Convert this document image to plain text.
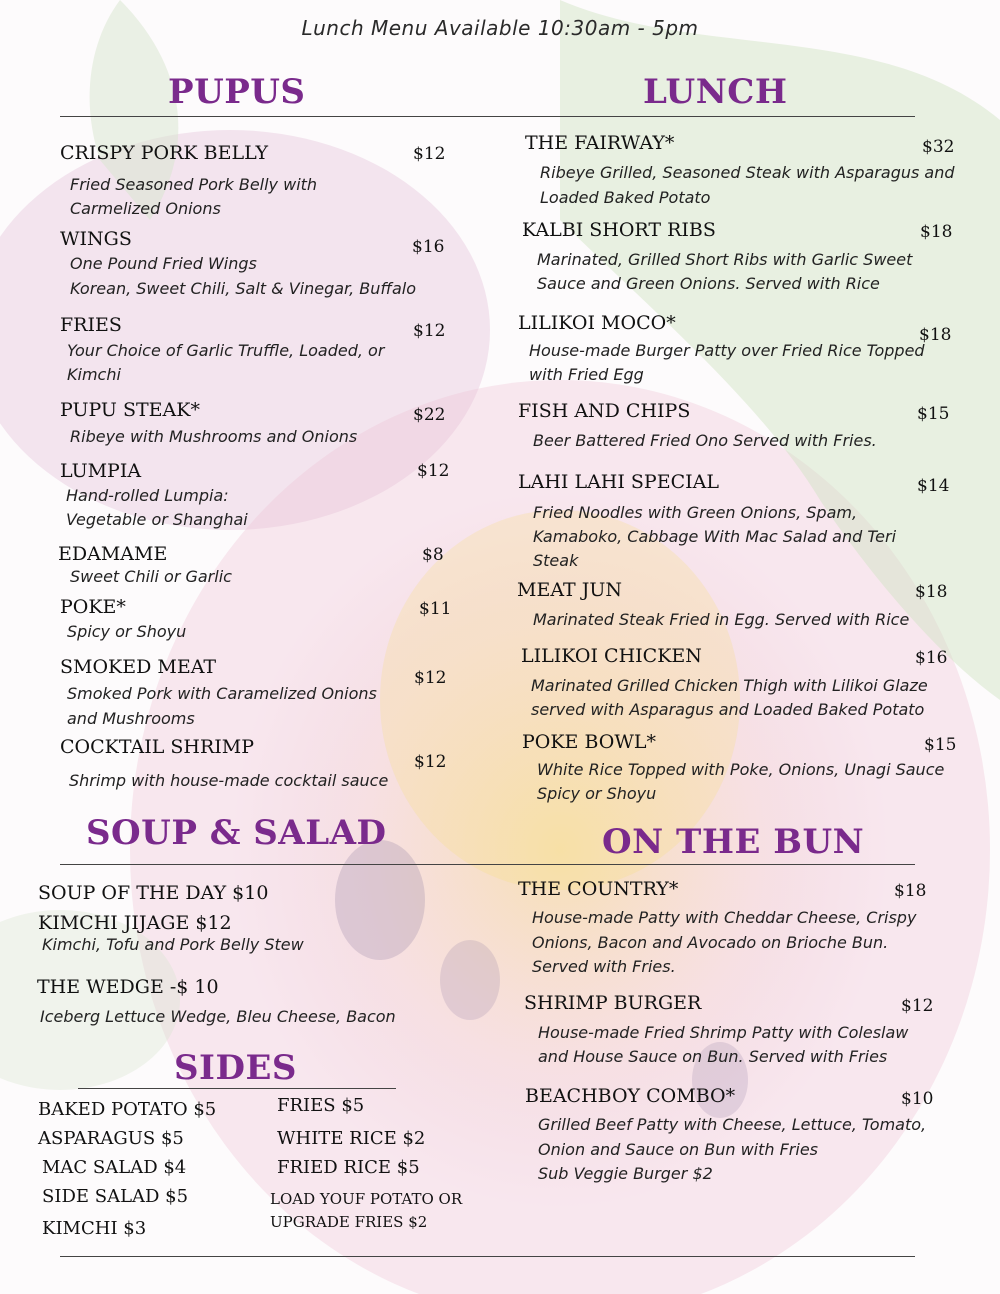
Lunch Menu Available 10:30am - 5pm
PUPUS	LUNCH
SOUP & SALAD	ON THE BUN
SIDES
CRISPY PORK BELLY	$12
Fried Seasoned Pork Belly with
Carmelized Onions
WINGS	$16
One Pound Fried Wings
Korean, Sweet Chili, Salt & Vinegar, Buffalo
FRIES	$12
Your Choice of Garlic Truffle, Loaded, or
Kimchi
PUPU STEAK*	$22
Ribeye with Mushrooms and Onions
LUMPIA	$12
Hand-rolled Lumpia:
Vegetable or Shanghai
EDAMAME	$8
Sweet Chili or Garlic
POKE*	$11
Spicy or Shoyu
SMOKED MEAT	$12
Smoked Pork with Caramelized Onions
and Mushrooms
COCKTAIL SHRIMP
$12
Shrimp with house-made cocktail sauce
THE FAIRWAY*	$32
Ribeye Grilled, Seasoned Steak with Asparagus and
Loaded Baked Potato
KALBI SHORT RIBS	$18
Marinated, Grilled Short Ribs with Garlic Sweet
Sauce and Green Onions. Served with Rice
LILIKOI MOCO*
$18
House-made Burger Patty over Fried Rice Topped
with Fried Egg
FISH AND CHIPS	$15
Beer Battered Fried Ono Served with Fries.
LAHI LAHI SPECIAL	$14
Fried Noodles with Green Onions, Spam,
Kamaboko, Cabbage With Mac Salad and Teri
Steak
MEAT JUN	$18
Marinated Steak Fried in Egg. Served with Rice
LILIKOI CHICKEN	$16
Marinated Grilled Chicken Thigh with Lilikoi Glaze
served with Asparagus and Loaded Baked Potato
POKE BOWL*	$15
White Rice Topped with Poke, Onions, Unagi Sauce
Spicy or Shoyu
SOUP OF THE DAY $10
KIMCHI JIJAGE $12
Kimchi, Tofu and Pork Belly Stew
THE WEDGE -$ 10
Iceberg Lettuce Wedge, Bleu Cheese, Bacon
THE COUNTRY*	$18
House-made Patty with Cheddar Cheese, Crispy
Onions, Bacon and Avocado on Brioche Bun.
Served with Fries.
SHRIMP BURGER	$12
House-made Fried Shrimp Patty with Coleslaw
and House Sauce on Bun. Served with Fries
BEACHBOY COMBO*	$10
Grilled Beef Patty with Cheese, Lettuce, Tomato,
Onion and Sauce on Bun with Fries
Sub Veggie Burger $2
BAKED POTATO $5
ASPARAGUS $5
MAC SALAD $4
SIDE SALAD $5
KIMCHI $3
FRIES $5
WHITE RICE $2
FRIED RICE $5
LOAD YOUF POTATO OR
UPGRADE FRIES $2
